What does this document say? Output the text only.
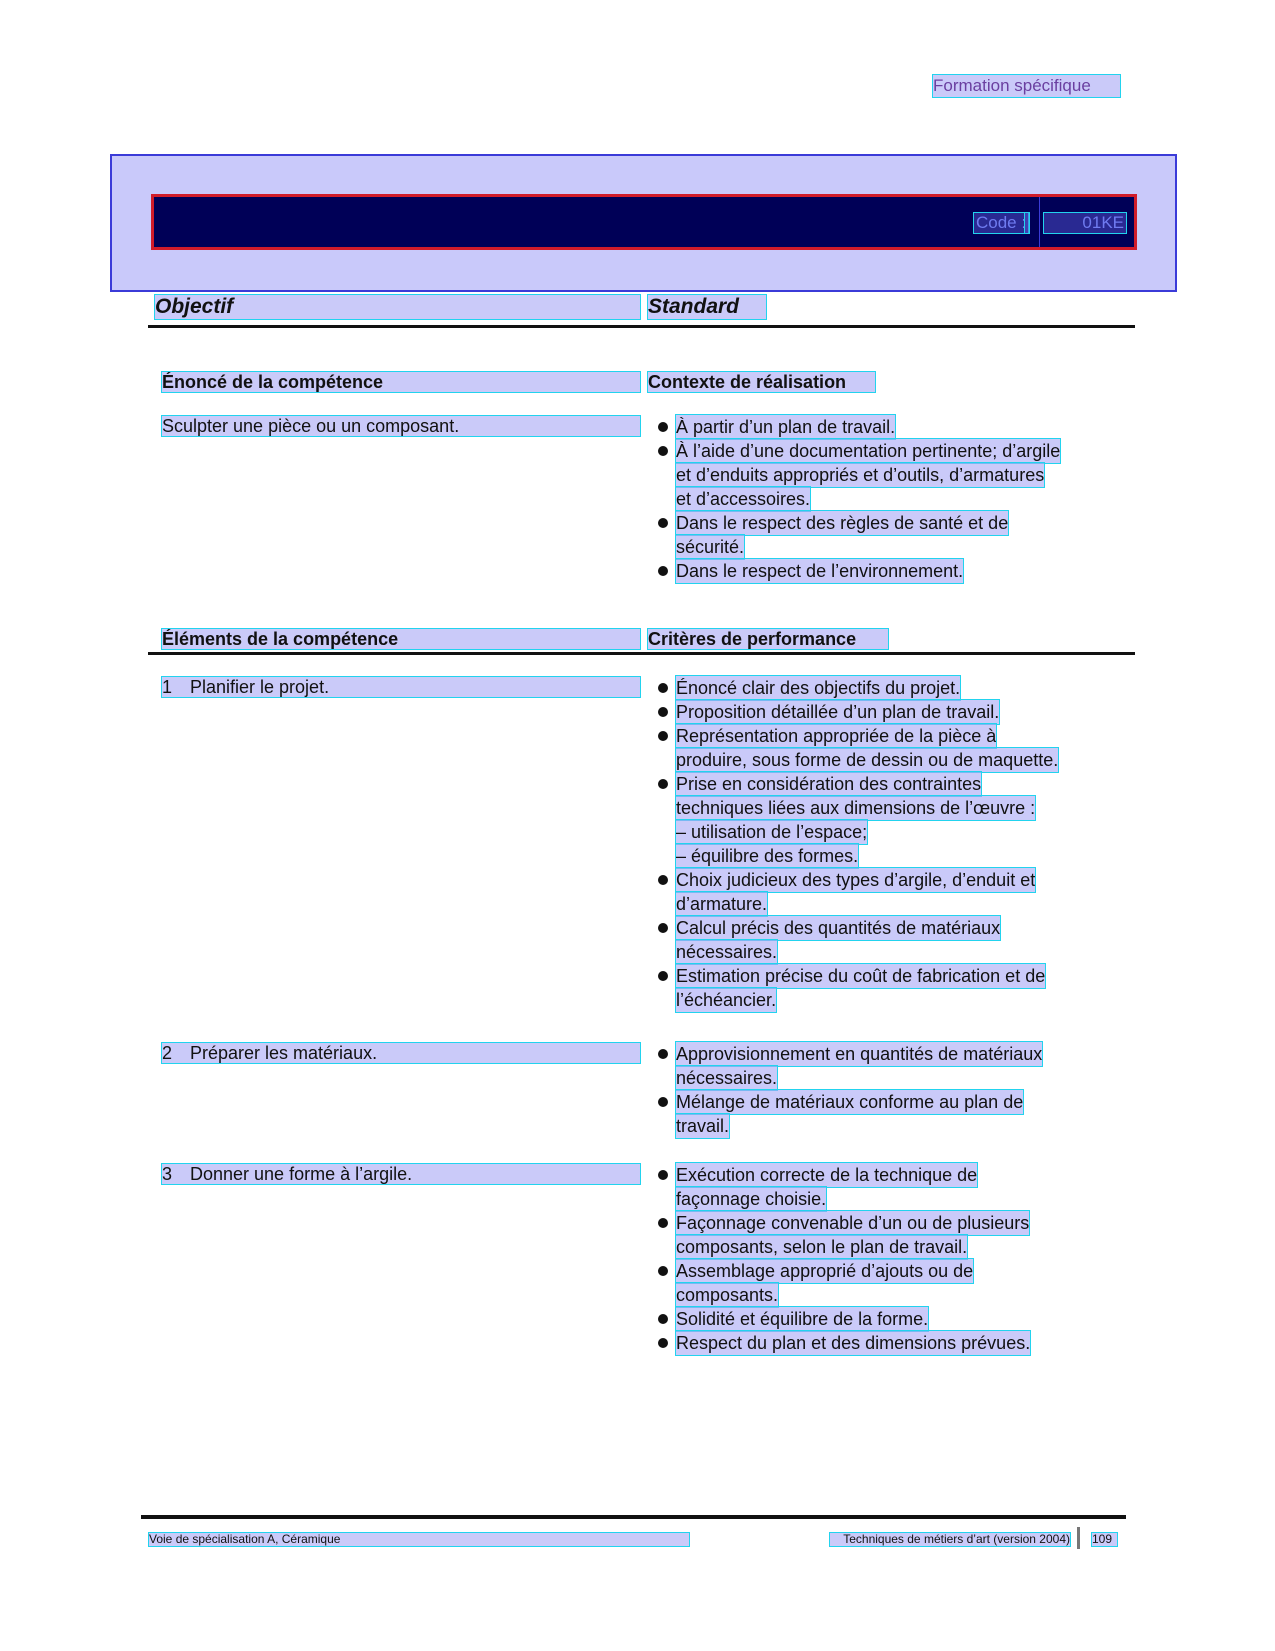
Formation spécifique
Code :	01KE
Objectif	Standard
Énoncé de la compétence	Contexte de réalisation
Sculpter une pièce ou un composant.	À partir d’un plan de travail.
À l’aide d’une documentation pertinente; d’argile
et d’enduits appropriés et d’outils, d’armatures
et d’accessoires.
Dans le respect des règles de santé et de
sécurité.
Dans le respect de l’environnement.
Éléments de la compétence	Critères de performance
1 Planifier le projet.	Énoncé clair des objectifs du projet.
Proposition détaillée d’un plan de travail.
Représentation appropriée de la pièce à
produire, sous forme de dessin ou de maquette.
Prise en considération des contraintes
techniques liées aux dimensions de l’œuvre :
– utilisation de l’espace;
– équilibre des formes.
Choix judicieux des types d’argile, d’enduit et
d’armature.
Calcul précis des quantités de matériaux
nécessaires.
Estimation précise du coût de fabrication et de
l’échéancier.
2 Préparer les matériaux.	Approvisionnement en quantités de matériaux
nécessaires.
Mélange de matériaux conforme au plan de
travail.
3 Donner une forme à l’argile.	Exécution correcte de la technique de
façonnage choisie.
Façonnage convenable d’un ou de plusieurs
composants, selon le plan de travail.
Assemblage approprié d’ajouts ou de
composants.
Solidité et équilibre de la forme.
Respect du plan et des dimensions prévues.
Voie de spécialisation A, Céramique	Techniques de métiers d’art (version 2004) 109
